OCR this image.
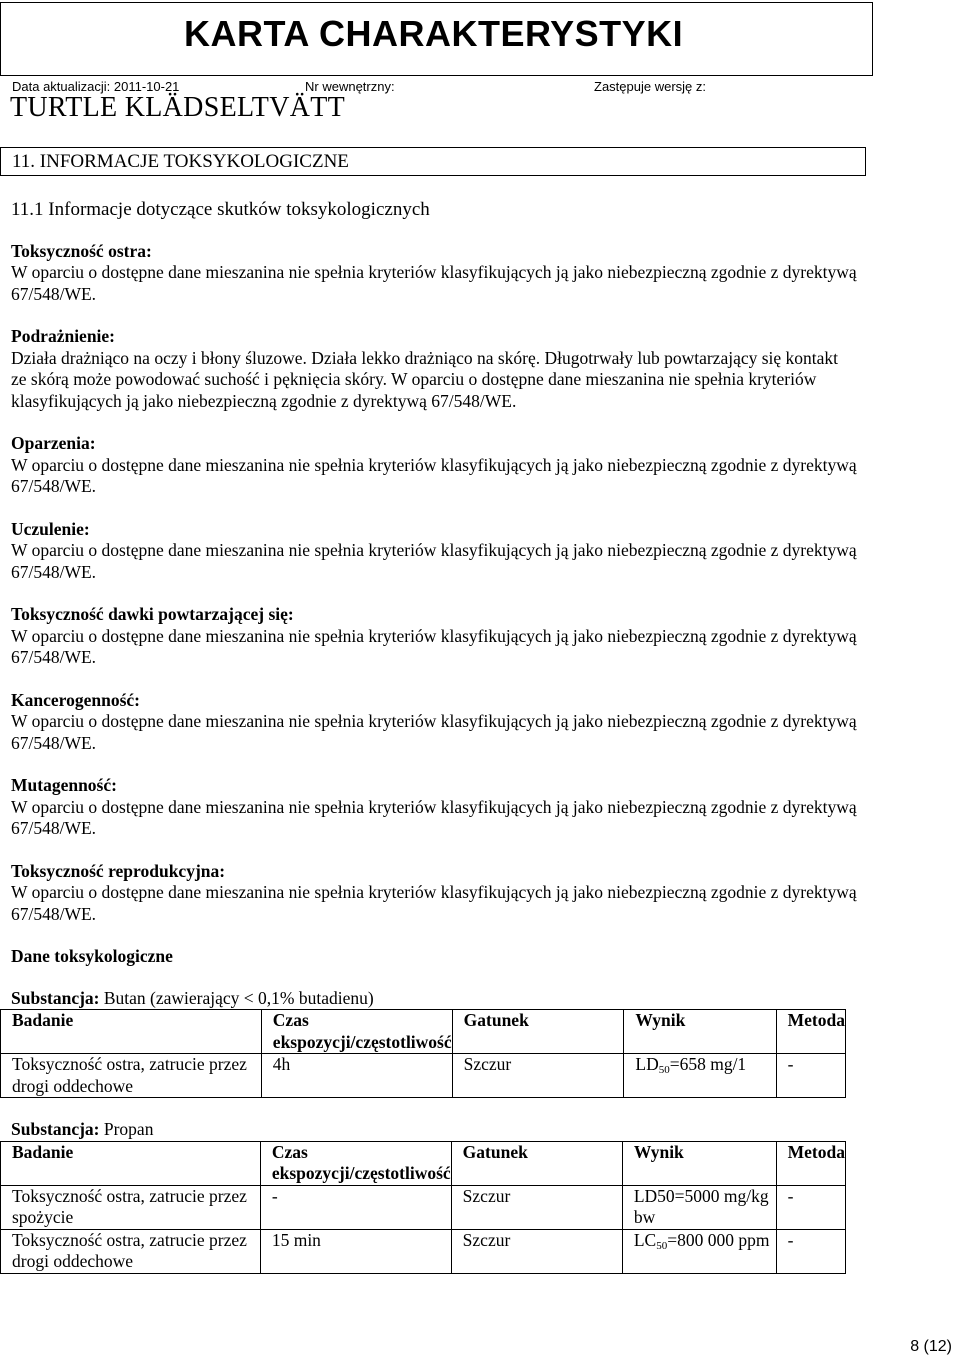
KARTA CHARAKTERYSTYKI
Data aktualizacji: 2011-10-21	Nr wewnętrzny:	Zastępuje wersję z:
TURTLE KLÄDSELTVÄTT
11. INFORMACJE TOKSYKOLOGICZNE
11.1 Informacje dotyczące skutków toksykologicznych
Toksyczność ostra:
W oparciu o dostępne dane mieszanina nie spełnia kryteriów klasyfikujących ją jako niebezpieczną zgodnie z dyrektywą 67/548/WE.
Podrażnienie:
Działa drażniąco na oczy i błony śluzowe. Działa lekko drażniąco na skórę. Długotrwały lub powtarzający się kontakt ze skórą może powodować suchość i pęknięcia skóry. W oparciu o dostępne dane mieszanina nie spełnia kryteriów klasyfikujących ją jako niebezpieczną zgodnie z dyrektywą 67/548/WE.
Oparzenia:
W oparciu o dostępne dane mieszanina nie spełnia kryteriów klasyfikujących ją jako niebezpieczną zgodnie z dyrektywą 67/548/WE.
Uczulenie:
W oparciu o dostępne dane mieszanina nie spełnia kryteriów klasyfikujących ją jako niebezpieczną zgodnie z dyrektywą 67/548/WE.
Toksyczność dawki powtarzającej się:
W oparciu o dostępne dane mieszanina nie spełnia kryteriów klasyfikujących ją jako niebezpieczną zgodnie z dyrektywą 67/548/WE.
Kancerogenność:
W oparciu o dostępne dane mieszanina nie spełnia kryteriów klasyfikujących ją jako niebezpieczną zgodnie z dyrektywą 67/548/WE.
Mutagenność:
W oparciu o dostępne dane mieszanina nie spełnia kryteriów klasyfikujących ją jako niebezpieczną zgodnie z dyrektywą 67/548/WE.
Toksyczność reprodukcyjna:
W oparciu o dostępne dane mieszanina nie spełnia kryteriów klasyfikujących ją jako niebezpieczną zgodnie z dyrektywą 67/548/WE.
Dane toksykologiczne
Substancja: Butan (zawierający < 0,1% butadienu)
Badanie	Czas ekspozycji/częstotliwość	Gatunek	Wynik	Metoda
Toksyczność ostra, zatrucie przez drogi oddechowe	4h	Szczur	$LD_{50}=658$ mg/1	-
Substancja: Propan
Badanie	Czas ekspozycji/częstotliwość	Gatunek	Wynik	Metoda
Toksyczność ostra, zatrucie przez spożycie	-	Szczur	LD50=5000 mg/kg bw	-
Toksyczność ostra, zatrucie przez drogi oddechowe	15 min	Szczur	$LC_{50}=800$ 000 ppm	-
8 (12)
